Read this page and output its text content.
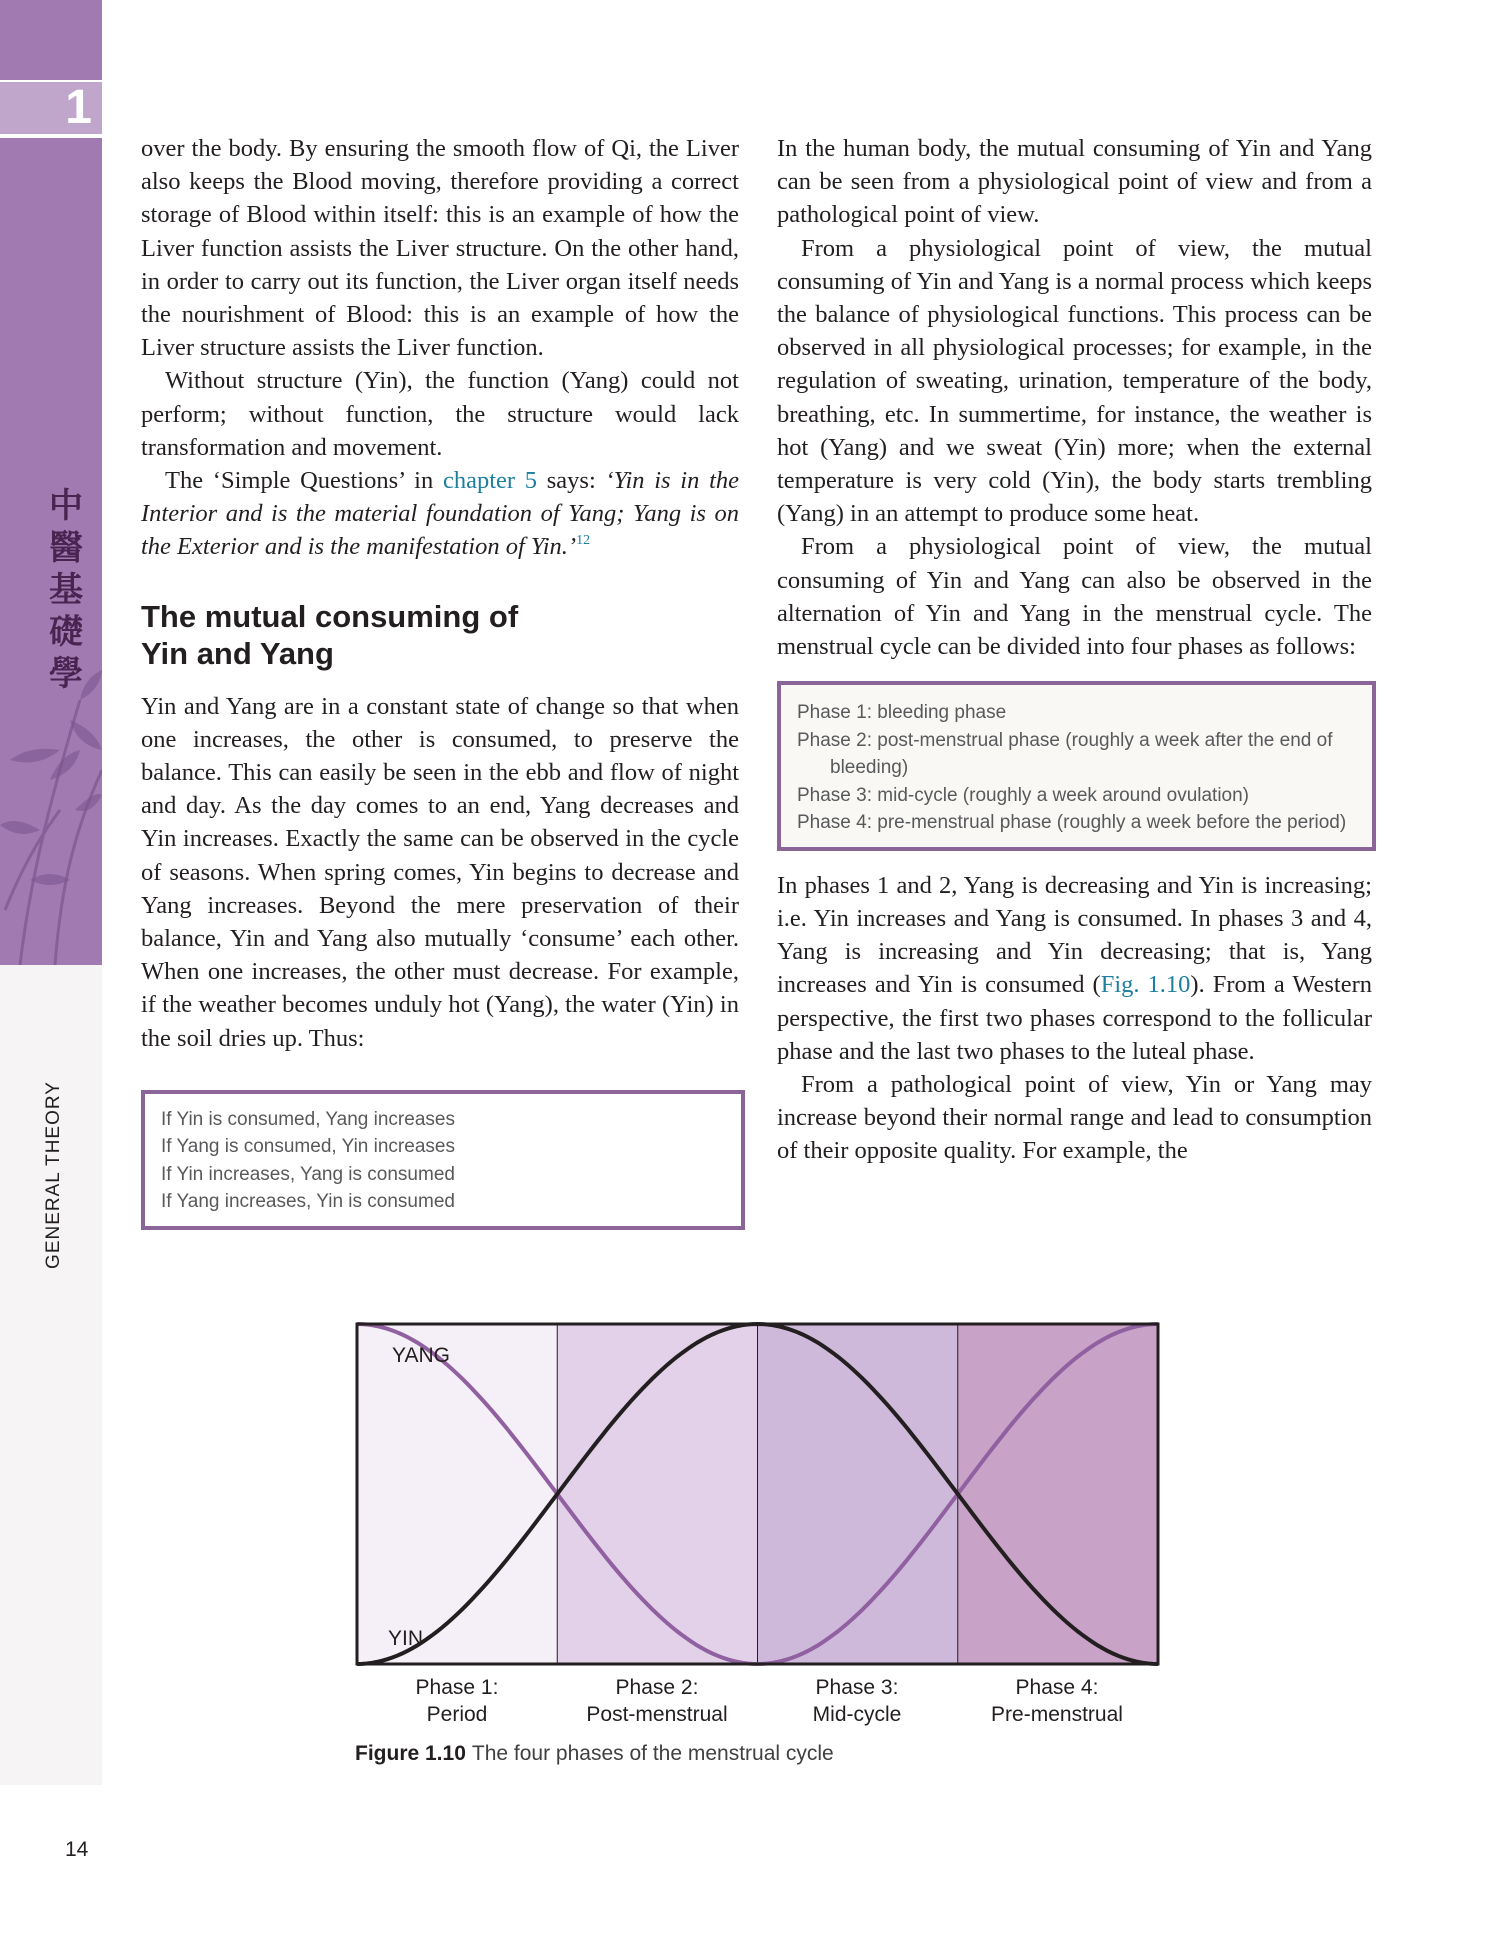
中
醫
基
礎
學
1
GENERAL THEORY

over the body. By ensuring the smooth flow of Qi, the Liver also keeps the Blood moving, therefore providing a correct storage of Blood within itself: this is an example of how the Liver function assists the Liver structure. On the other hand, in order to carry out its function, the Liver organ itself needs the nourishment of Blood: this is an example of how the Liver structure assists the Liver function.

Without structure (Yin), the function (Yang) could not perform; without function, the structure would lack transformation and movement.

The ‘Simple Questions’ in chapter 5 says: ‘Yin is in the Interior and is the material foundation of Yang; Yang is on the Exterior and is the manifestation of Yin.’$^{12}$

The mutual consuming of
Yin and Yang

Yin and Yang are in a constant state of change so that when one increases, the other is consumed, to preserve the balance. This can easily be seen in the ebb and flow of night and day. As the day comes to an end, Yang decreases and Yin increases. Exactly the same can be observed in the cycle of seasons. When spring comes, Yin begins to decrease and Yang increases. Beyond the mere preservation of their balance, Yin and Yang also mutually ‘consume’ each other. When one increases, the other must decrease. For example, if the weather becomes unduly hot (Yang), the water (Yin) in the soil dries up. Thus:

If Yin is consumed, Yang increases
If Yang is consumed, Yin increases
If Yin increases, Yang is consumed
If Yang increases, Yin is consumed

In the human body, the mutual consuming of Yin and Yang can be seen from a physiological point of view and from a pathological point of view.

From a physiological point of view, the mutual consuming of Yin and Yang is a normal process which keeps the balance of physiological functions. This process can be observed in all physiological processes; for example, in the regulation of sweating, urination, temperature of the body, breathing, etc. In summertime, for instance, the weather is hot (Yang) and we sweat (Yin) more; when the external temperature is very cold (Yin), the body starts trembling (Yang) in an attempt to produce some heat.

From a physiological point of view, the mutual consuming of Yin and Yang can also be observed in the alternation of Yin and Yang in the menstrual cycle. The menstrual cycle can be divided into four phases as follows:

Phase 1: bleeding phase
Phase 2: post-menstrual phase (roughly a week after the end of bleeding)
Phase 3: mid-cycle (roughly a week around ovulation)
Phase 4: pre-menstrual phase (roughly a week before the period)

In phases 1 and 2, Yang is decreasing and Yin is increasing; i.e. Yin increases and Yang is consumed. In phases 3 and 4, Yang is increasing and Yin decreasing; that is, Yang increases and Yin is consumed (Fig. 1.10). From a Western perspective, the first two phases correspond to the follicular phase and the last two phases to the luteal phase.

From a pathological point of view, Yin or Yang may increase beyond their normal range and lead to consumption of their opposite quality. For example, the

YANG
YIN
Phase 1:
Period
Phase 2:
Post-menstrual
Phase 3:
Mid-cycle
Phase 4:
Pre-menstrual
Figure 1.10 The four phases of the menstrual cycle
14
